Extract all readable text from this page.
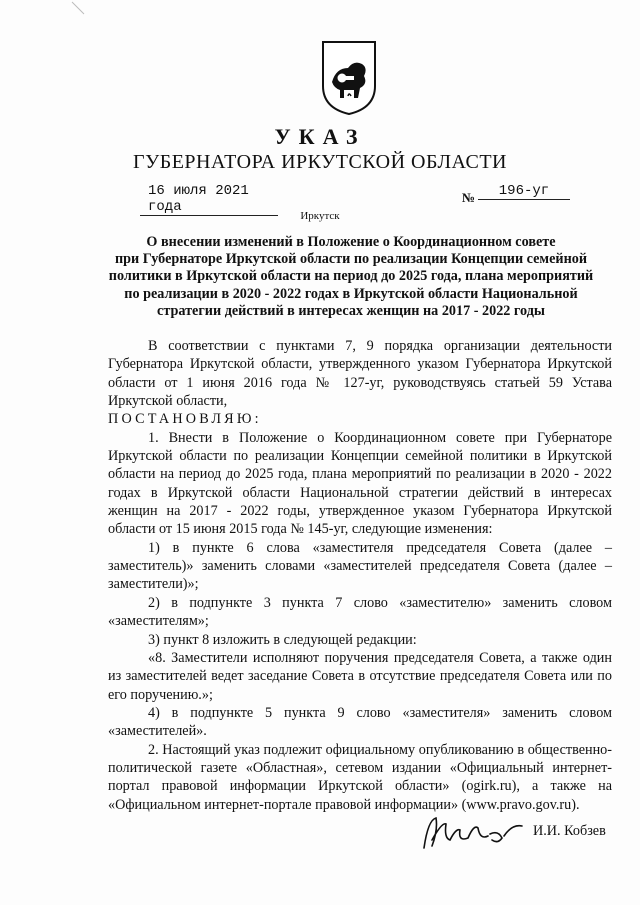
УКАЗ
ГУБЕРНАТОРА ИРКУТСКОЙ ОБЛАСТИ
16 июля 2021 года
№	196-уг
Иркутск
О внесении изменений в Положение о Координационном совете
при Губернаторе Иркутской области по реализации Концепции семейной
политики в Иркутской области на период до 2025 года, плана мероприятий
по реализации в 2020 - 2022 годах в Иркутской области Национальной
стратегии действий в интересах женщин на 2017 - 2022 годы

В соответствии с пунктами 7, 9 порядка организации деятельности Губернатора Иркутской области, утвержденного указом Губернатора Иркутской области от 1 июня 2016 года № 127-уг, руководствуясь статьей 59 Устава Иркутской области,

ПОСТАНОВЛЯЮ:

1. Внести в Положение о Координационном совете при Губернаторе Иркутской области по реализации Концепции семейной политики в Иркутской области на период до 2025 года, плана мероприятий по реализации в 2020 - 2022 годах в Иркутской области Национальной стратегии действий в интересах женщин на 2017 - 2022 годы, утвержденное указом Губернатора Иркутской области от 15 июня 2015 года № 145-уг, следующие изменения:

1) в пункте 6 слова «заместителя председателя Совета (далее – заместитель)» заменить словами «заместителей председателя Совета (далее – заместители)»;

2) в подпункте 3 пункта 7 слово «заместителю» заменить словом «заместителям»;

3) пункт 8 изложить в следующей редакции:

«8. Заместители исполняют поручения председателя Совета, а также один из заместителей ведет заседание Совета в отсутствие председателя Совета или по его поручению.»;

4) в подпункте 5 пункта 9 слово «заместителя» заменить словом «заместителей».

2. Настоящий указ подлежит официальному опубликованию в общественно-политической газете «Областная», сетевом издании «Официальный интернет-портал правовой информации Иркутской области» (ogirk.ru), а также на «Официальном интернет-портале правовой информации» (www.pravo.gov.ru).

И.И. Кобзев
